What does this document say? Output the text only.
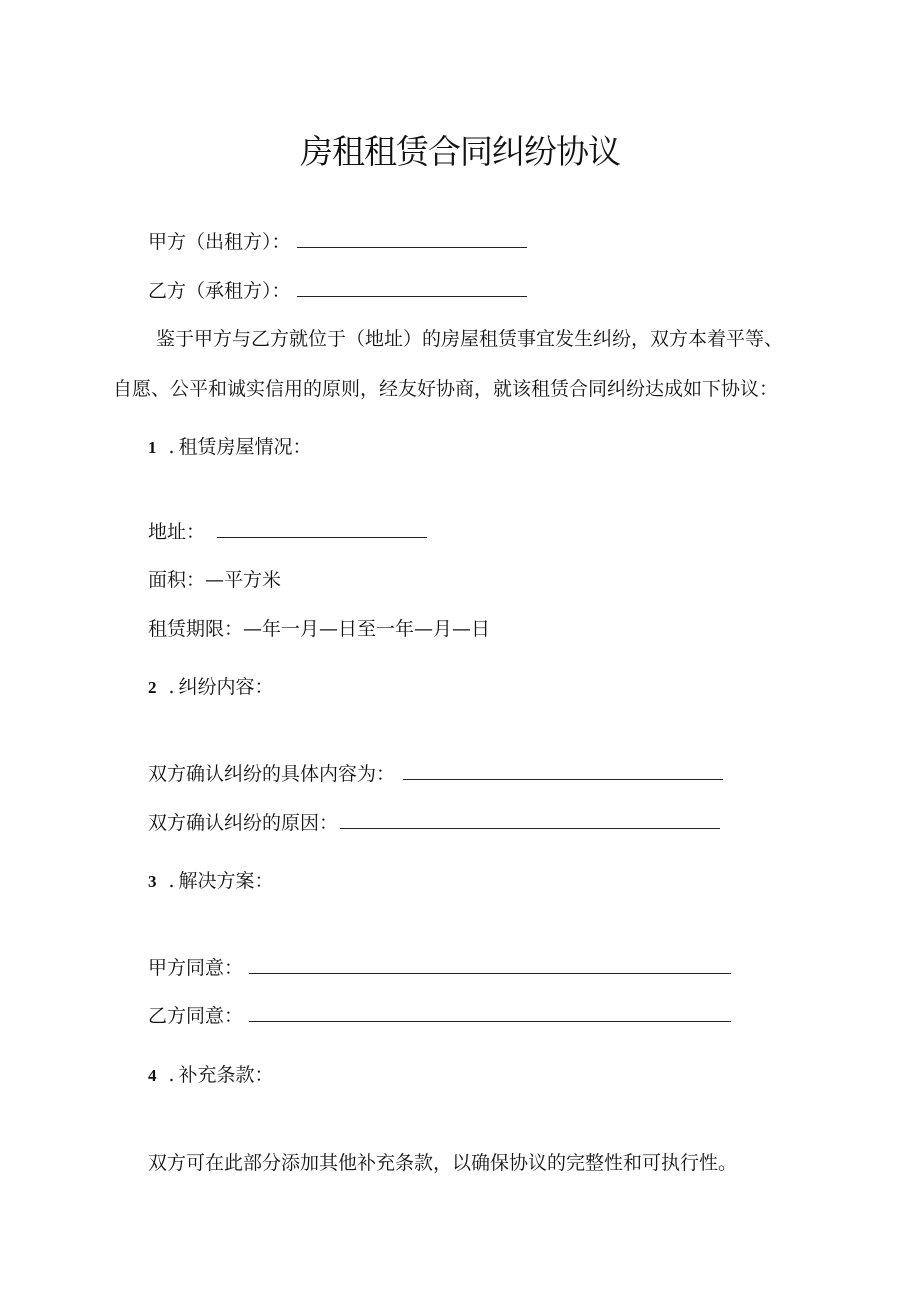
房租租赁合同纠纷协议
甲方（出租方）：
乙方（承租方）：
鉴于甲方与乙方就位于（地址）的房屋租赁事宜发生纠纷，双方本着平等、
自愿、公平和诚实信用的原则，经友好协商，就该租赁合同纠纷达成如下协议：
1 . 租赁房屋情况：
地址：
面积：—平方米
租赁期限：—年一月—日至一年—月—日
2 . 纠纷内容：
双方确认纠纷的具体内容为：
双方确认纠纷的原因：
3 . 解决方案：
甲方同意：
乙方同意：
4 . 补充条款：
双方可在此部分添加其他补充条款，以确保协议的完整性和可执行性。
